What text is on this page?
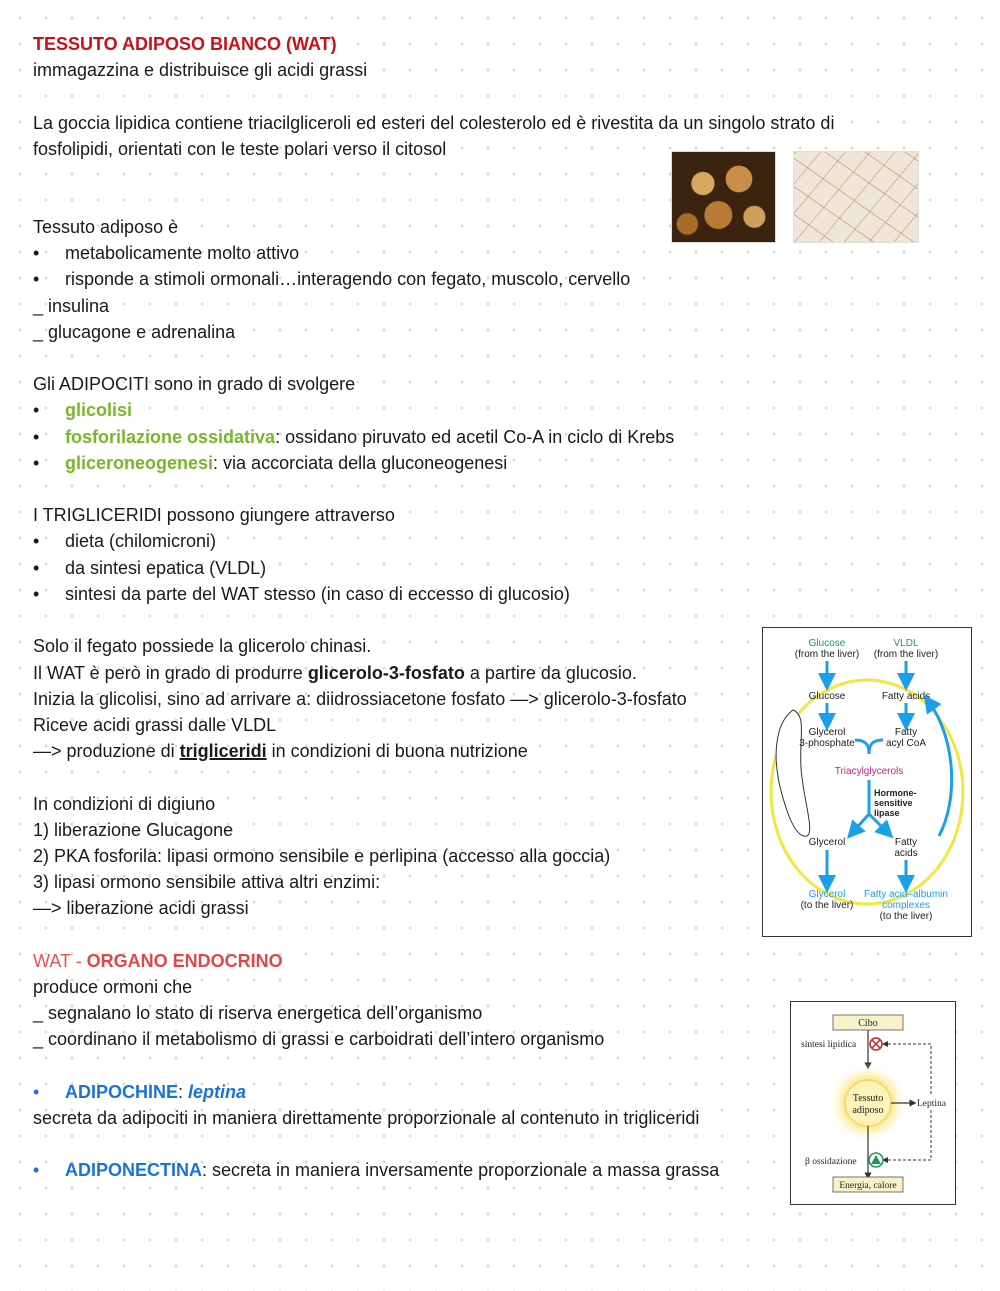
TESSUTO ADIPOSO BIANCO (WAT)
immagazzina e distribuisce gli acidi grassi
La goccia lipidica contiene triacilgliceroli ed esteri del colesterolo ed è rivestita da un singolo strato di
fosfolipidi, orientati con le teste polari verso il citosol
Tessuto adiposo è
• metabolicamente molto attivo
• risponde a stimoli ormonali…interagendo con fegato, muscolo, cervello
_ insulina
_ glucagone e adrenalina
Gli ADIPOCITI sono in grado di svolgere
• glicolisi
• fosforilazione ossidativa: ossidano piruvato ed acetil Co-A in ciclo di Krebs
• gliceroneogenesi: via accorciata della gluconeogenesi
I TRIGLICERIDI possono giungere attraverso
• dieta (chilomicroni)
• da sintesi epatica (VLDL)
• sintesi da parte del WAT stesso (in caso di eccesso di glucosio)
Solo il fegato possiede la glicerolo chinasi.
Il WAT è però in grado di produrre glicerolo-3-fosfato a partire da glucosio.
Inizia la glicolisi, sino ad arrivare a: diidrossiacetone fosfato —> glicerolo-3-fosfato
Riceve acidi grassi dalle VLDL
—> produzione di trigliceridi in condizioni di buona nutrizione
In condizioni di digiuno
1) liberazione Glucagone
2) PKA fosforila: lipasi ormono sensibile e perlipina (accesso alla goccia)
3) lipasi ormono sensibile attiva altri enzimi:
—> liberazione acidi grassi
WAT - ORGANO ENDOCRINO
produce ormoni che
_ segnalano lo stato di riserva energetica dell’organismo
_ coordinano il metabolismo di grassi e carboidrati dell’intero organismo
• ADIPOCHINE: leptina
secreta da adipociti in maniera direttamente proporzionale al contenuto in trigliceridi
• ADIPONECTINA: secreta in maniera inversamente proporzionale a massa grassa
Glucose
(from the liver)
VLDL
(from the liver)
Glucose	Fatty acids
Glycerol
3-phosphate
Fatty
acyl CoA
Triacylglycerols
Hormone-
sensitive
lipase
Glycerol	Fatty
acids
Glycerol
(to the liver)
Fatty acid–albumin
complexes
(to the liver)
Cibo
sintesi lipidica
Tessuto
adiposo
Leptina
β ossidazione
Energia, calore
